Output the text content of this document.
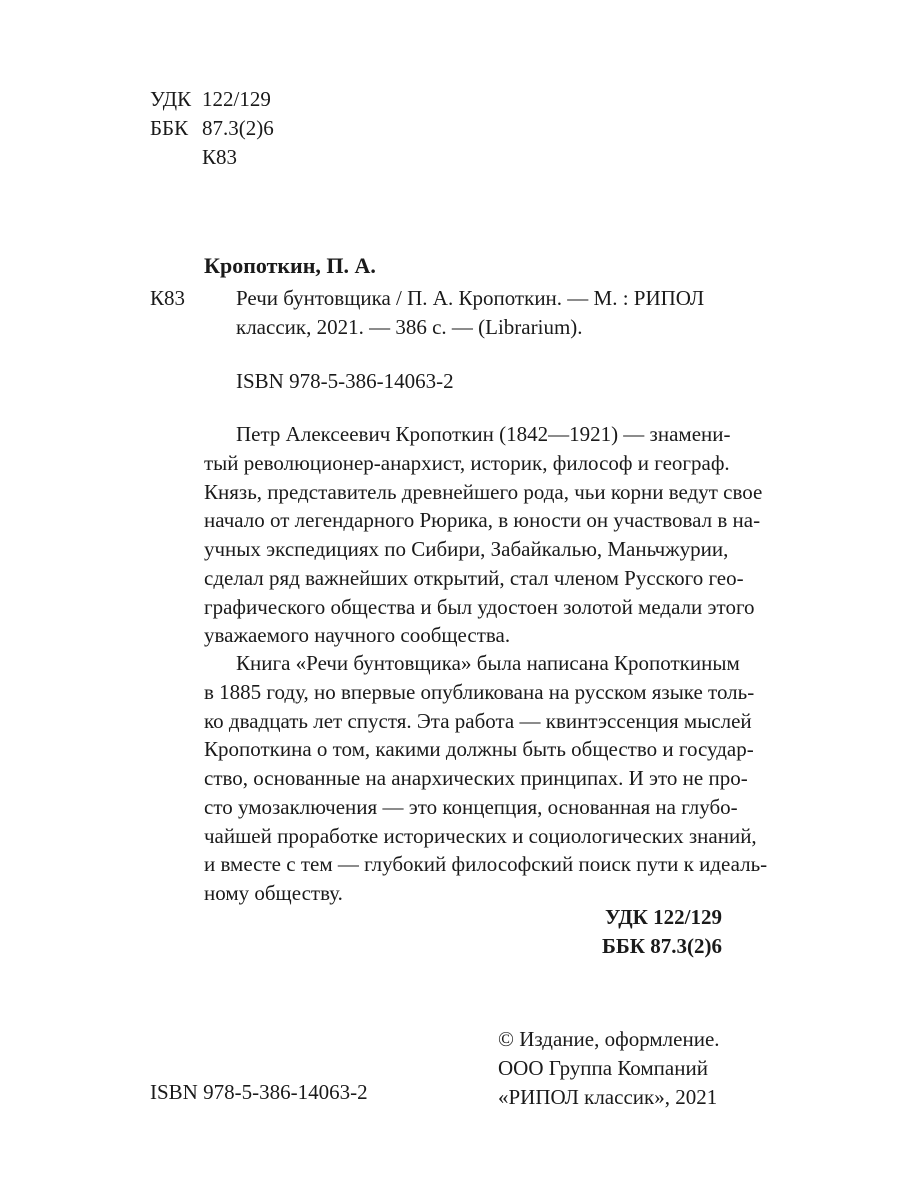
УДК 122/129
ББК 87.3(2)6
К83
Кропоткин, П. А.
К83 Речи бунтовщика / П. А. Кропоткин. — М. : РИПОЛ
классик, 2021. — 386 с. — (Librarium).
ISBN 978-5-386-14063-2
Петр Алексеевич Кропоткин (1842—1921) — знамени-
тый революционер-анархист, историк, философ и географ.
Князь, представитель древнейшего рода, чьи корни ведут свое
начало от легендарного Рюрика, в юности он участвовал в на-
учных экспедициях по Сибири, Забайкалью, Маньчжурии,
сделал ряд важнейших открытий, стал членом Русского гео-
графического общества и был удостоен золотой медали этого
уважаемого научного сообщества.
Книга «Речи бунтовщика» была написана Кропоткиным
в 1885 году, но впервые опубликована на русском языке толь-
ко двадцать лет спустя. Эта работа — квинтэссенция мыслей
Кропоткина о том, какими должны быть общество и государ-
ство, основанные на анархических принципах. И это не про-
сто умозаключения — это концепция, основанная на глубо-
чайшей проработке исторических и социологических знаний,
и вместе с тем — глубокий философский поиск пути к идеаль-
ному обществу.
УДК 122/129
ББК 87.3(2)6
ISBN 978-5-386-14063-2
© Издание, оформление.
ООО Группа Компаний
«РИПОЛ классик», 2021
